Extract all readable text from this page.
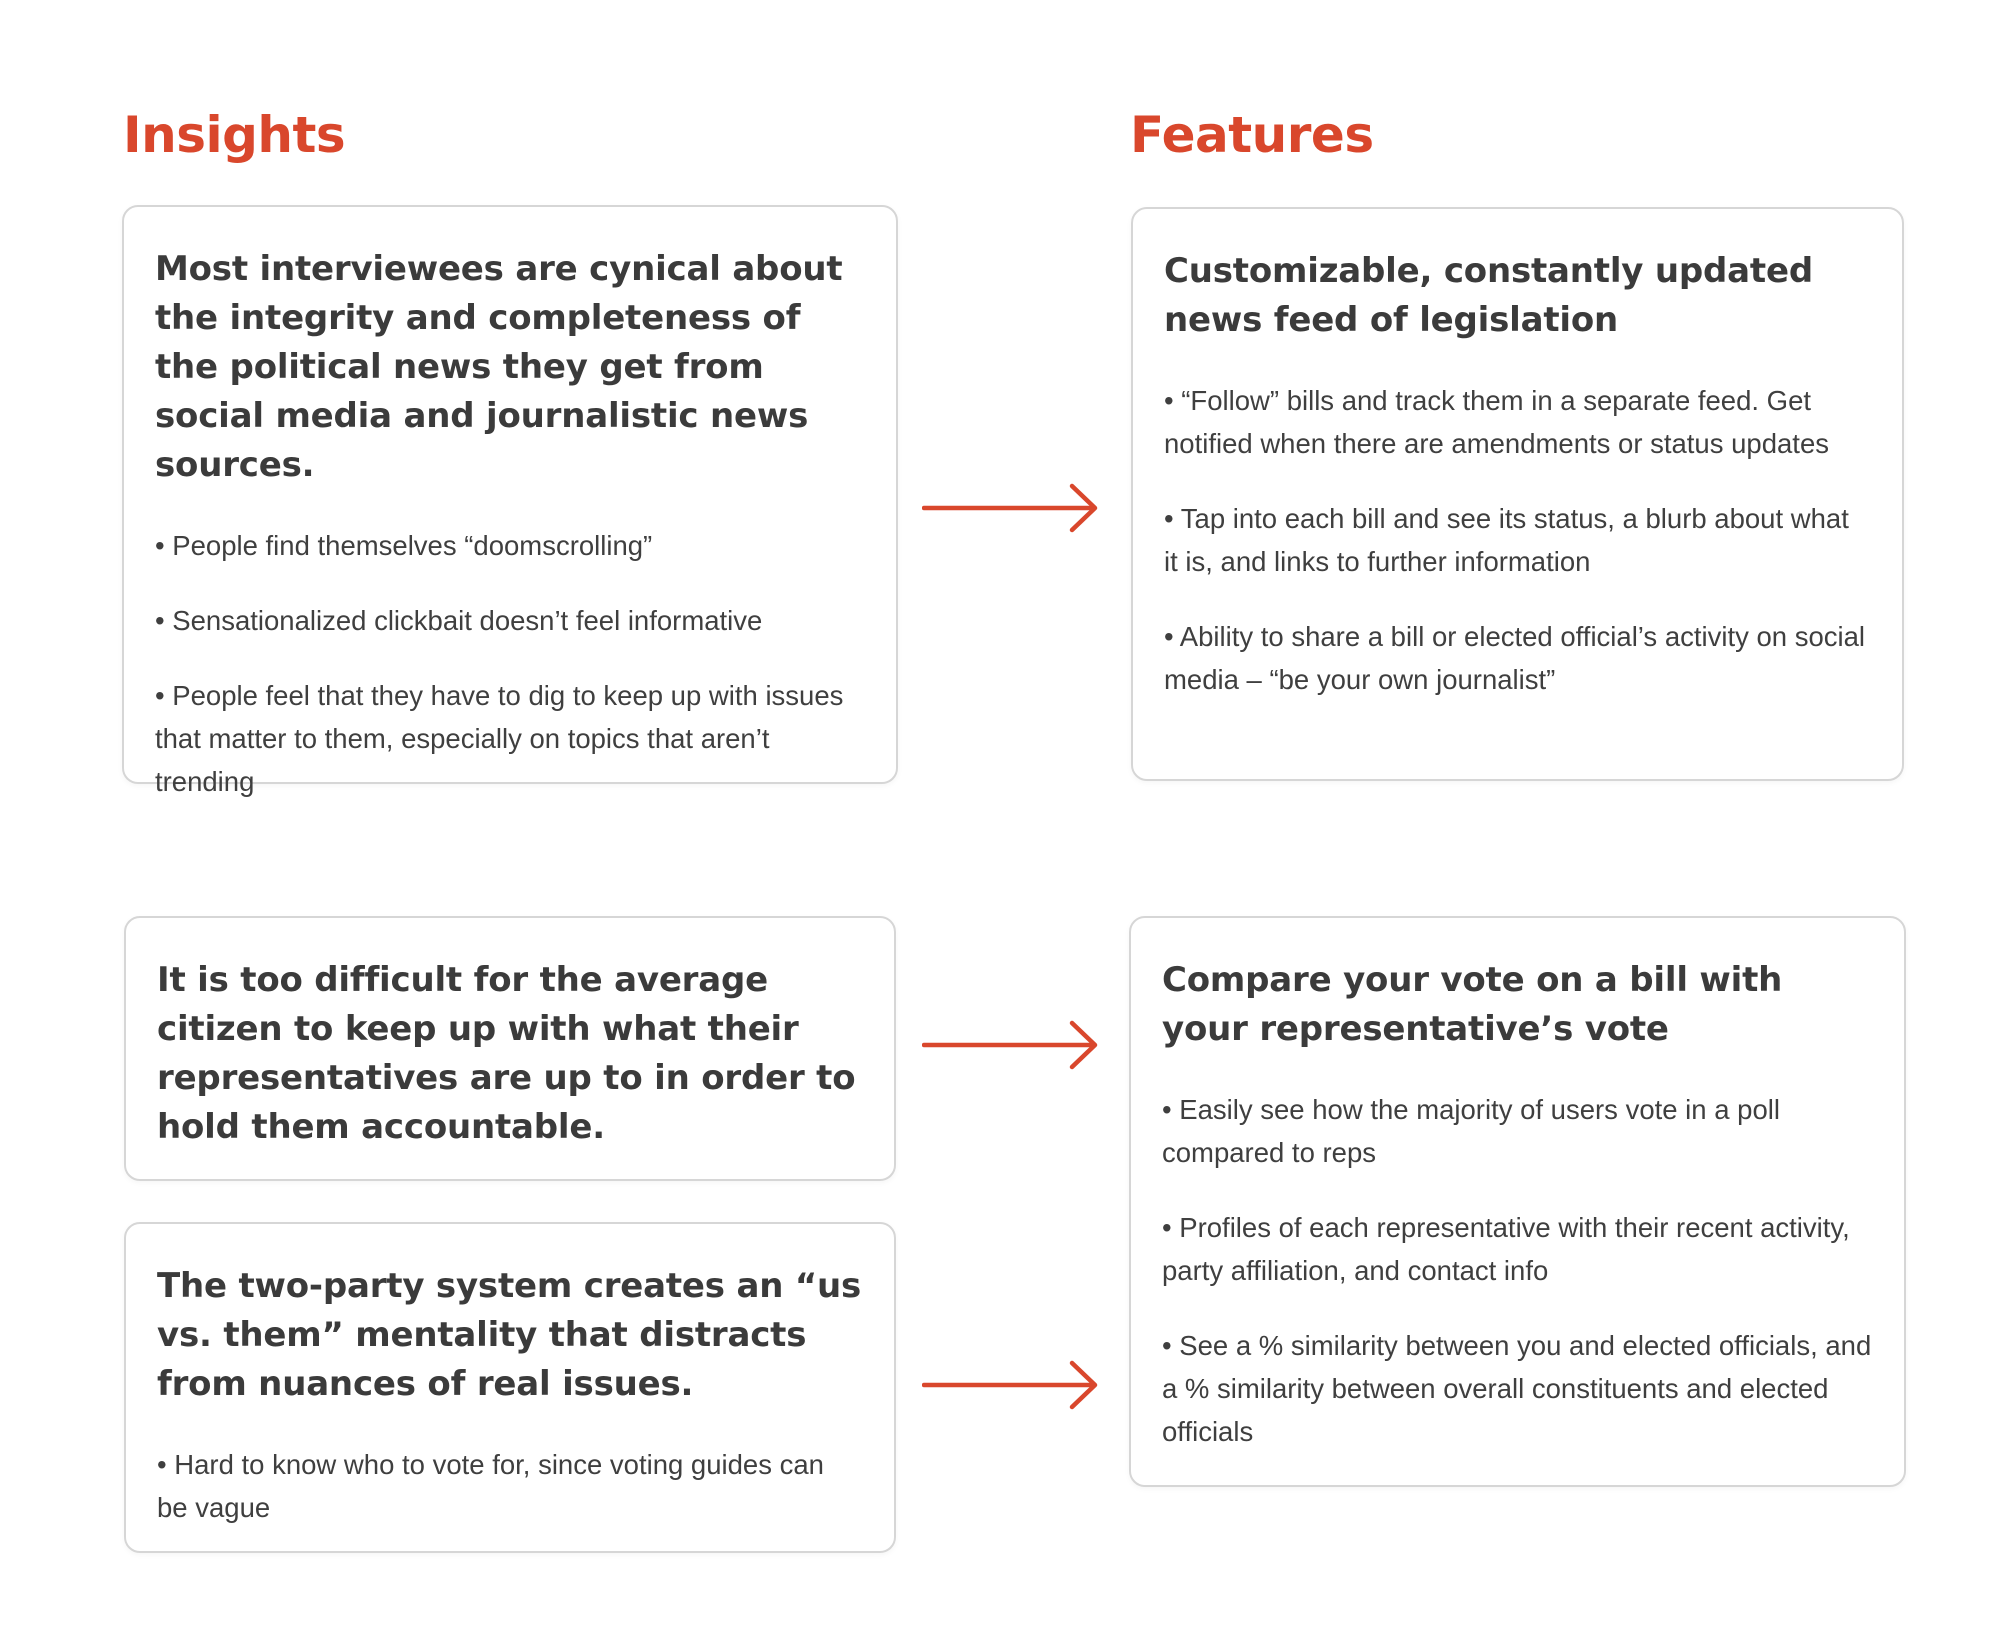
Insights	Features
Most interviewees are cynical about the integrity and completeness of the political news they get from social media and journalistic news sources.
• People find themselves “doomscrolling”
• Sensationalized clickbait doesn’t feel informative
• People feel that they have to dig to keep up with issues that matter to them, especially on topics that aren’t trending
It is too difficult for the average citizen to keep up with what their representatives are up to in order to hold them accountable.
The two-party system creates an “us vs. them” mentality that distracts from nuances of real issues.
• Hard to know who to vote for, since voting guides can be vague
Customizable, constantly updated news feed of legislation
• “Follow” bills and track them in a separate feed. Get notified when there are amendments or status updates
• Tap into each bill and see its status, a blurb about what it is, and links to further information
• Ability to share a bill or elected official’s activity on social media – “be your own journalist”
Compare your vote on a bill with your representative’s vote
• Easily see how the majority of users vote in a poll compared to reps
• Profiles of each representative with their recent activity, party affiliation, and contact info
• See a % similarity between you and elected officials, and a % similarity between overall constituents and elected officials
